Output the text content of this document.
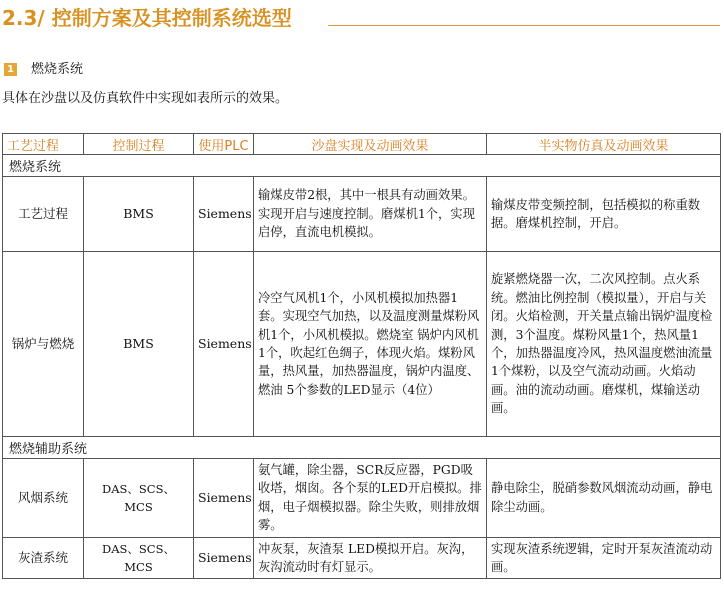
2.3/ 控制方案及其控制系统选型
1 燃烧系统
具体在沙盘以及仿真软件中实现如表所示的效果。
工艺过程	控制过程	使用PLC	沙盘实现及动画效果	半实物仿真及动画效果
燃烧系统				
工艺过程	BMS	Siemens	输煤皮带2根，其中一根具有动画效果。实现开启与速度控制。磨煤机1个，实现启停，直流电机模拟。	输煤皮带变频控制，包括模拟的称重数据。磨煤机控制，开启。
锅炉与燃烧	BMS	Siemens	冷空气风机1个，小风机模拟加热器1套。实现空气加热，以及温度测量煤粉风机1个，小风机模拟。燃烧室 锅炉内风机1个，吹起红色绸子，体现火焰。煤粉风量，热风量，加热器温度，锅炉内温度、燃油 5个参数的LED显示（4位）	旋紧燃烧器一次，二次风控制。点火系统。燃油比例控制（模拟量），开启与关闭。火焰检测，开关量点输出锅炉温度检测，3个温度。煤粉风量1个，热风量1个，加热器温度冷风，热风温度燃油流量1个煤粉，以及空气流动动画。火焰动画。油的流动动画。磨煤机，煤输送动画。
燃烧辅助系统				
风烟系统	DAS、SCS、MCS	Siemens	氨气罐，除尘器，SCR反应器，PGD吸收塔，烟囱。各个泵的LED开启模拟。排烟，电子烟模拟器。除尘失败，则排放烟雾。	静电除尘，脱硝参数风烟流动动画，静电除尘动画。
灰渣系统	DAS、SCS、MCS	Siemens	冲灰泵，灰渣泵 LED模拟开启。灰沟，灰沟流动时有灯显示。	实现灰渣系统逻辑，定时开泵灰渣流动动画。
